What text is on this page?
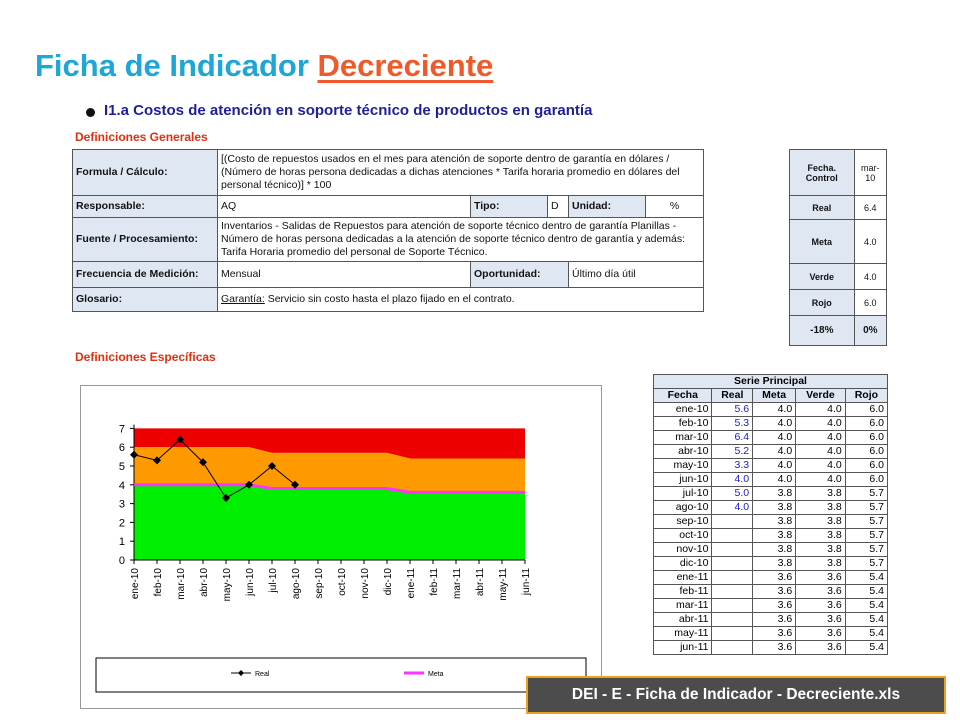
Ficha de Indicador Decreciente
I1.a Costos de atención en soporte técnico de productos en garantía
Definiciones Generales
Formula / Cálculo:	[(Costo de repuestos usados en el mes para atención de soporte dentro de garantía en dólares / (Número de horas persona dedicadas a dichas atenciones * Tarifa horaria promedio en dólares del personal técnico)] * 100				
Responsable:	AQ	Tipo:	D	Unidad:	%
Fuente / Procesamiento:	Inventarios - Salidas de Repuestos para atención de soporte técnico dentro de garantía Planillas - Número de horas persona dedicadas a la atención de soporte técnico dentro de garantía y además: Tarifa Horaria promedio del personal de Soporte Técnico.				
Frecuencia de Medición:	Mensual	Oportunidad:		Último día útil	
Glosario:	Garantía: Servicio sin costo hasta el plazo fijado en el contrato.				
Fecha. Control	mar-10
Real	6.4
Meta	4.0
Verde	4.0
Rojo	6.0
-18%	0%
Definiciones Específicas
0
1
2
3
4
5
6
7
ene-10 feb-10 mar-10 abr-10 may-10 jun-10 jul-10 ago-10 sep-10 oct-10 nov-10 dic-10 ene-11 feb-11 mar-11 abr-11 may-11 jun-11
Real	Meta
Serie Principal				
Fecha	Real	Meta	Verde	Rojo
ene-10	5.6	4.0	4.0	6.0
feb-10	5.3	4.0	4.0	6.0
mar-10	6.4	4.0	4.0	6.0
abr-10	5.2	4.0	4.0	6.0
may-10	3.3	4.0	4.0	6.0
jun-10	4.0	4.0	4.0	6.0
jul-10	5.0	3.8	3.8	5.7
ago-10	4.0	3.8	3.8	5.7
sep-10		3.8	3.8	5.7
oct-10		3.8	3.8	5.7
nov-10		3.8	3.8	5.7
dic-10		3.8	3.8	5.7
ene-11		3.6	3.6	5.4
feb-11		3.6	3.6	5.4
mar-11		3.6	3.6	5.4
abr-11		3.6	3.6	5.4
may-11		3.6	3.6	5.4
jun-11		3.6	3.6	5.4
DEI - E - Ficha de Indicador - Decreciente.xls
